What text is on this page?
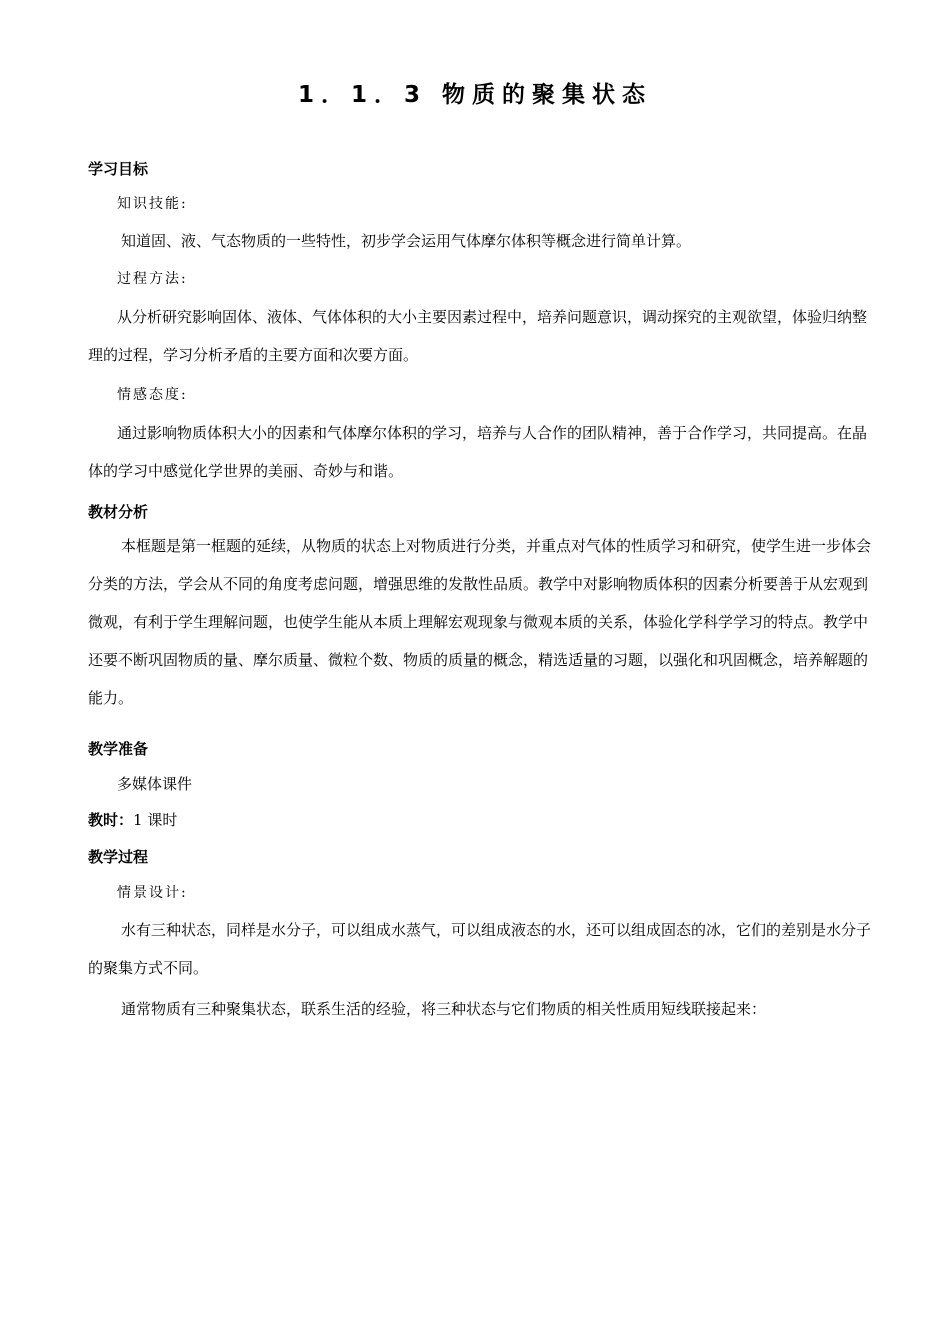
1．1．3 物质的聚集状态
学习目标
知识技能:
知道固、液、气态物质的一些特性，初步学会运用气体摩尔体积等概念进行简单计算。
过程方法:
从分析研究影响固体、液体、气体体积的大小主要因素过程中，培养问题意识，调动探究的主观欲望，体验归纳整理的过程，学习分析矛盾的主要方面和次要方面。
情感态度:
通过影响物质体积大小的因素和气体摩尔体积的学习，培养与人合作的团队精神，善于合作学习，共同提高。在晶体的学习中感觉化学世界的美丽、奇妙与和谐。
教材分析
本框题是第一框题的延续，从物质的状态上对物质进行分类，并重点对气体的性质学习和研究，使学生进一步体会分类的方法，学会从不同的角度考虑问题，增强思维的发散性品质。教学中对影响物质体积的因素分析要善于从宏观到微观，有利于学生理解问题，也使学生能从本质上理解宏观现象与微观本质的关系，体验化学科学学习的特点。教学中还要不断巩固物质的量、摩尔质量、微粒个数、物质的质量的概念，精选适量的习题，以强化和巩固概念，培养解题的能力。
教学准备
多媒体课件
教时：1 课时
教学过程
情景设计:
水有三种状态，同样是水分子，可以组成水蒸气，可以组成液态的水，还可以组成固态的冰，它们的差别是水分子的聚集方式不同。
通常物质有三种聚集状态，联系生活的经验，将三种状态与它们物质的相关性质用短线联接起来：
